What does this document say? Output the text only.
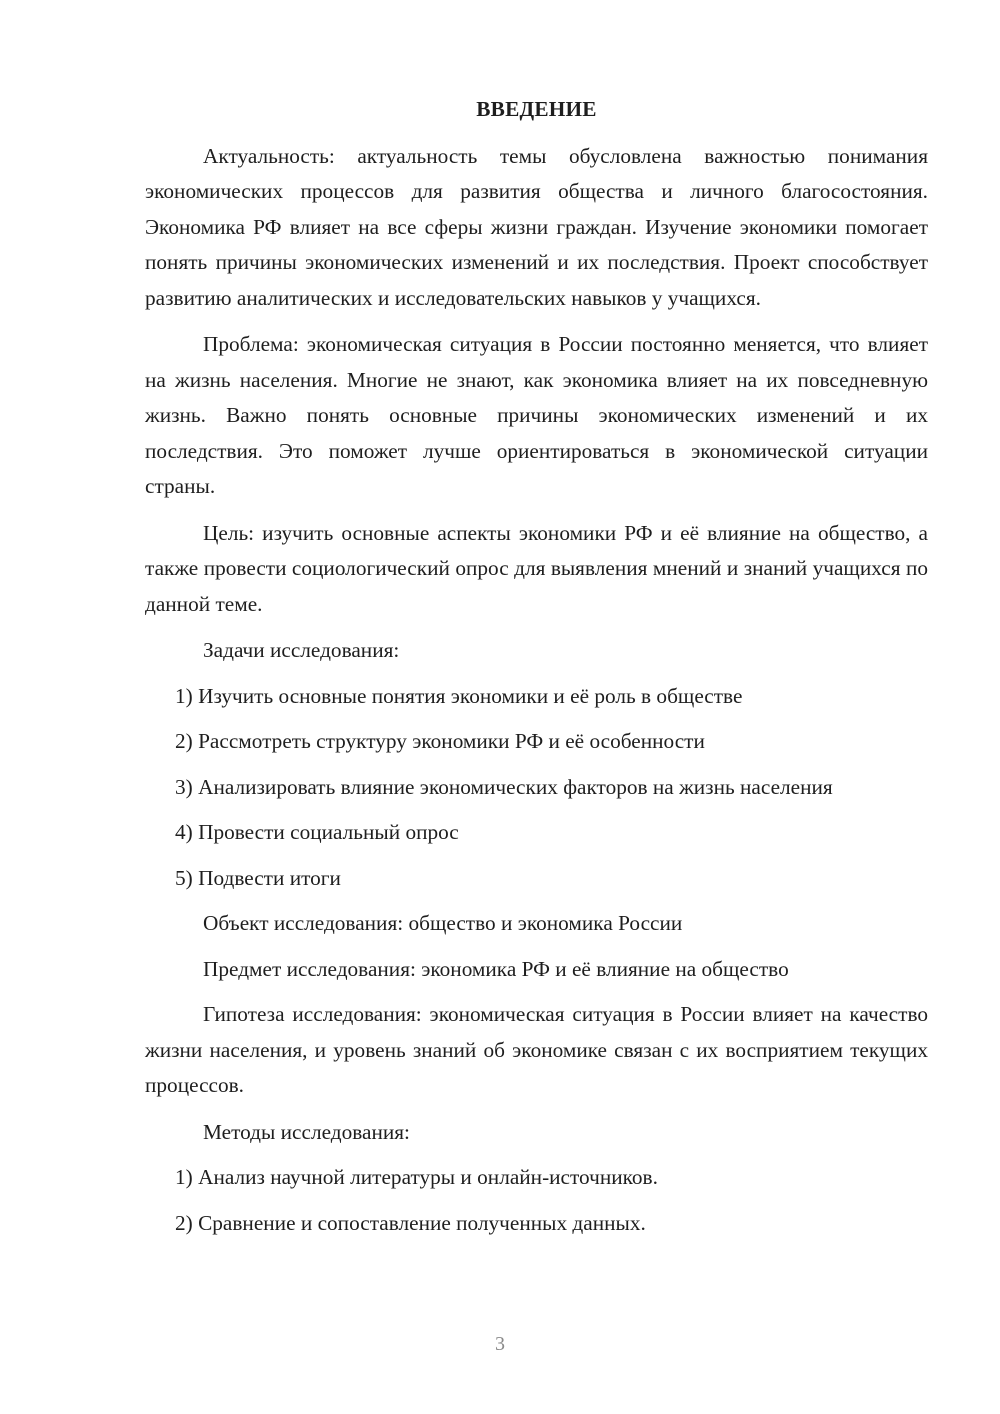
ВВЕДЕНИЕ
Актуальность: актуальность темы обусловлена важностью понимания экономических процессов для развития общества и личного благосостояния. Экономика РФ влияет на все сферы жизни граждан. Изучение экономики помогает понять причины экономических изменений и их последствия. Проект способствует развитию аналитических и исследовательских навыков у учащихся.
Проблема: экономическая ситуация в России постоянно меняется, что влияет на жизнь населения. Многие не знают, как экономика влияет на их повседневную жизнь. Важно понять основные причины экономических изменений и их последствия. Это поможет лучше ориентироваться в экономической ситуации страны.
Цель: изучить основные аспекты экономики РФ и её влияние на общество, а также провести социологический опрос для выявления мнений и знаний учащихся по данной теме.
Задачи исследования:
1) Изучить основные понятия экономики и её роль в обществе
2) Рассмотреть структуру экономики РФ и её особенности
3) Анализировать влияние экономических факторов на жизнь населения
4) Провести социальный опрос
5) Подвести итоги
Объект исследования: общество и экономика России
Предмет исследования: экономика РФ и её влияние на общество
Гипотеза исследования: экономическая ситуация в России влияет на качество жизни населения, и уровень знаний об экономике связан с их восприятием текущих процессов.
Методы исследования:
1) Анализ научной литературы и онлайн-источников.
2) Сравнение и сопоставление полученных данных.
3
